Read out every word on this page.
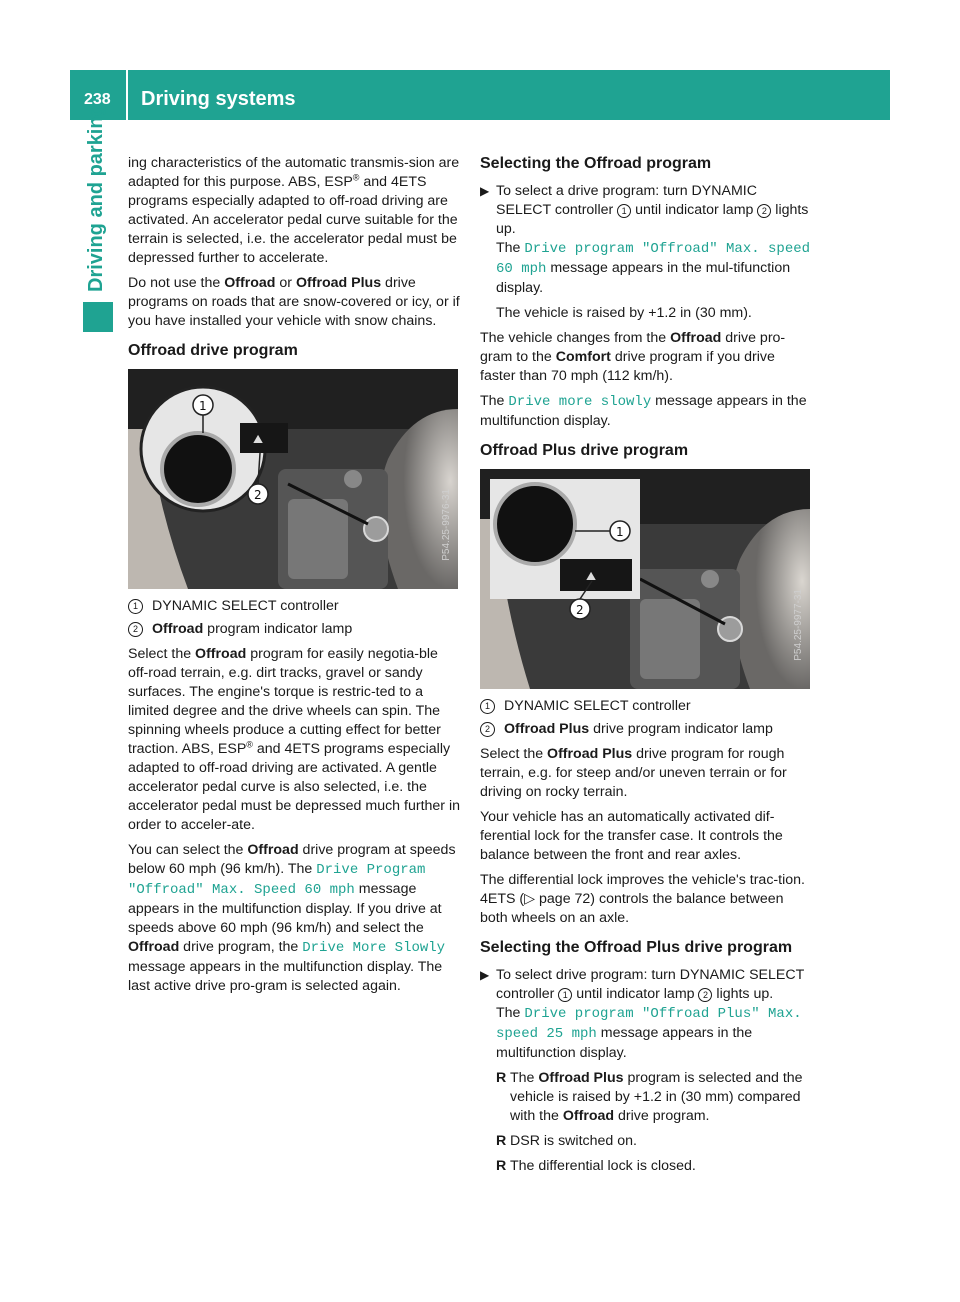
238 Driving systems
Driving and parking	ing characteristics of the automatic transmis-sion are adapted for this purpose. ABS, ESP® and 4ETS programs especially adapted to off-road driving are activated. An accelerator pedal curve suitable for the terrain is selected, i.e. the accelerator pedal must be depressed further to accelerate.

Do not use the Offroad or Offroad Plus drive programs on roads that are snow-covered or icy, or if you have installed your vehicle with snow chains.

Offroad drive program
⛰
1
2	P54.25-9976-31
1 DYNAMIC SELECT controller
2 Offroad program indicator lamp

Select the Offroad program for easily negotia-ble off-road terrain, e.g. dirt tracks, gravel or sandy surfaces. The engine's torque is restric-ted to a limited degree and the drive wheels can spin. The spinning wheels produce a cutting effect for better traction. ABS, ESP® and 4ETS programs especially adapted to off-road driving are activated. A gentle accelerator pedal curve is also selected, i.e. the accelerator pedal must be depressed much further in order to acceler-ate.

You can select the Offroad drive program at speeds below 60 mph (96 km/h). The Drive Program "Offroad" Max. Speed 60 mph message appears in the multifunction display. If you drive at speeds above 60 mph (96 km/h) and select the Offroad drive program, the Drive More Slowly message appears in the multifunction display. The last active drive pro-gram is selected again.

Selecting the Offroad program
▶ To select a drive program: turn DYNAMIC SELECT controller 1 until indicator lamp 2 lights up.
The Drive program "Offroad" Max. speed 60 mph message appears in the mul-tifunction display.
The vehicle is raised by +1.2 in (30 mm).

The vehicle changes from the Offroad drive pro-gram to the Comfort drive program if you drive faster than 70 mph (112 km/h).

The Drive more slowly message appears in the multifunction display.

Offroad Plus drive program
⛰
1
2	P54.25-9977-31
1 DYNAMIC SELECT controller
2 Offroad Plus drive program indicator lamp

Select the Offroad Plus drive program for rough terrain, e.g. for steep and/or uneven terrain or for driving on rocky terrain.

Your vehicle has an automatically activated dif-ferential lock for the transfer case. It controls the balance between the front and rear axles.

The differential lock improves the vehicle's trac-tion. 4ETS (▷ page 72) controls the balance between both wheels on an axle.

Selecting the Offroad Plus drive program
▶ To select drive program: turn DYNAMIC SELECT controller 1 until indicator lamp 2 lights up.
The Drive program "Offroad Plus" Max. speed 25 mph message appears in the multifunction display.
R The Offroad Plus program is selected and the vehicle is raised by +1.2 in (30 mm) compared with the Offroad drive program.
R DSR is switched on.
R The differential lock is closed.
